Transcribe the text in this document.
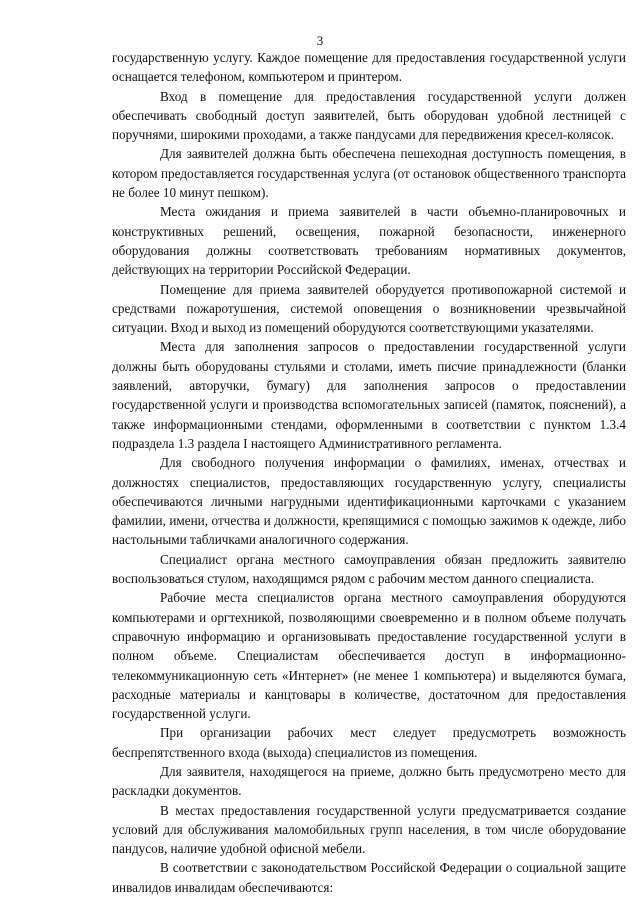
3

государственную услугу. Каждое помещение для предоставления государственной услуги оснащается телефоном, компьютером и принтером.

Вход в помещение для предоставления государственной услуги должен обеспечивать свободный доступ заявителей, быть оборудован удобной лестницей с поручнями, широкими проходами, а также пандусами для передвижения кресел-колясок.

Для заявителей должна быть обеспечена пешеходная доступность помещения, в котором предоставляется государственная услуга (от остановок общественного транспорта не более 10 минут пешком).

Места ожидания и приема заявителей в части объемно-планировочных и конструктивных решений, освещения, пожарной безопасности, инженерного оборудования должны соответствовать требованиям нормативных документов, действующих на территории Российской Федерации.

Помещение для приема заявителей оборудуется противопожарной системой и средствами пожаротушения, системой оповещения о возникновении чрезвычайной ситуации. Вход и выход из помещений оборудуются соответствующими указателями.

Места для заполнения запросов о предоставлении государственной услуги должны быть оборудованы стульями и столами, иметь писчие принадлежности (бланки заявлений, авторучки, бумагу) для заполнения запросов о предоставлении государственной услуги и производства вспомогательных записей (памяток, пояснений), а также информационными стендами, оформленными в соответствии с пунктом 1.3.4 подраздела 1.3 раздела I настоящего Административного регламента.

Для свободного получения информации о фамилиях, именах, отчествах и должностях специалистов, предоставляющих государственную услугу, специалисты обеспечиваются личными нагрудными идентификационными карточками с указанием фамилии, имени, отчества и должности, крепящимися с помощью зажимов к одежде, либо настольными табличками аналогичного содержания.

Специалист органа местного самоуправления обязан предложить заявителю воспользоваться стулом, находящимся рядом с рабочим местом данного специалиста.

Рабочие места специалистов органа местного самоуправления оборудуются компьютерами и оргтехникой, позволяющими своевременно и в полном объеме получать справочную информацию и организовывать предоставление государственной услуги в полном объеме. Специалистам обеспечивается доступ в информационно-телекоммуникационную сеть «Интернет» (не менее 1 компьютера) и выделяются бумага, расходные материалы и канцтовары в количестве, достаточном для предоставления государственной услуги.

При организации рабочих мест следует предусмотреть возможность беспрепятственного входа (выхода) специалистов из помещения.

Для заявителя, находящегося на приеме, должно быть предусмотрено место для раскладки документов.

В местах предоставления государственной услуги предусматривается создание условий для обслуживания маломобильных групп населения, в том числе оборудование пандусов, наличие удобной офисной мебели.

В соответствии с законодательством Российской Федерации о социальной защите инвалидов инвалидам обеспечиваются:
